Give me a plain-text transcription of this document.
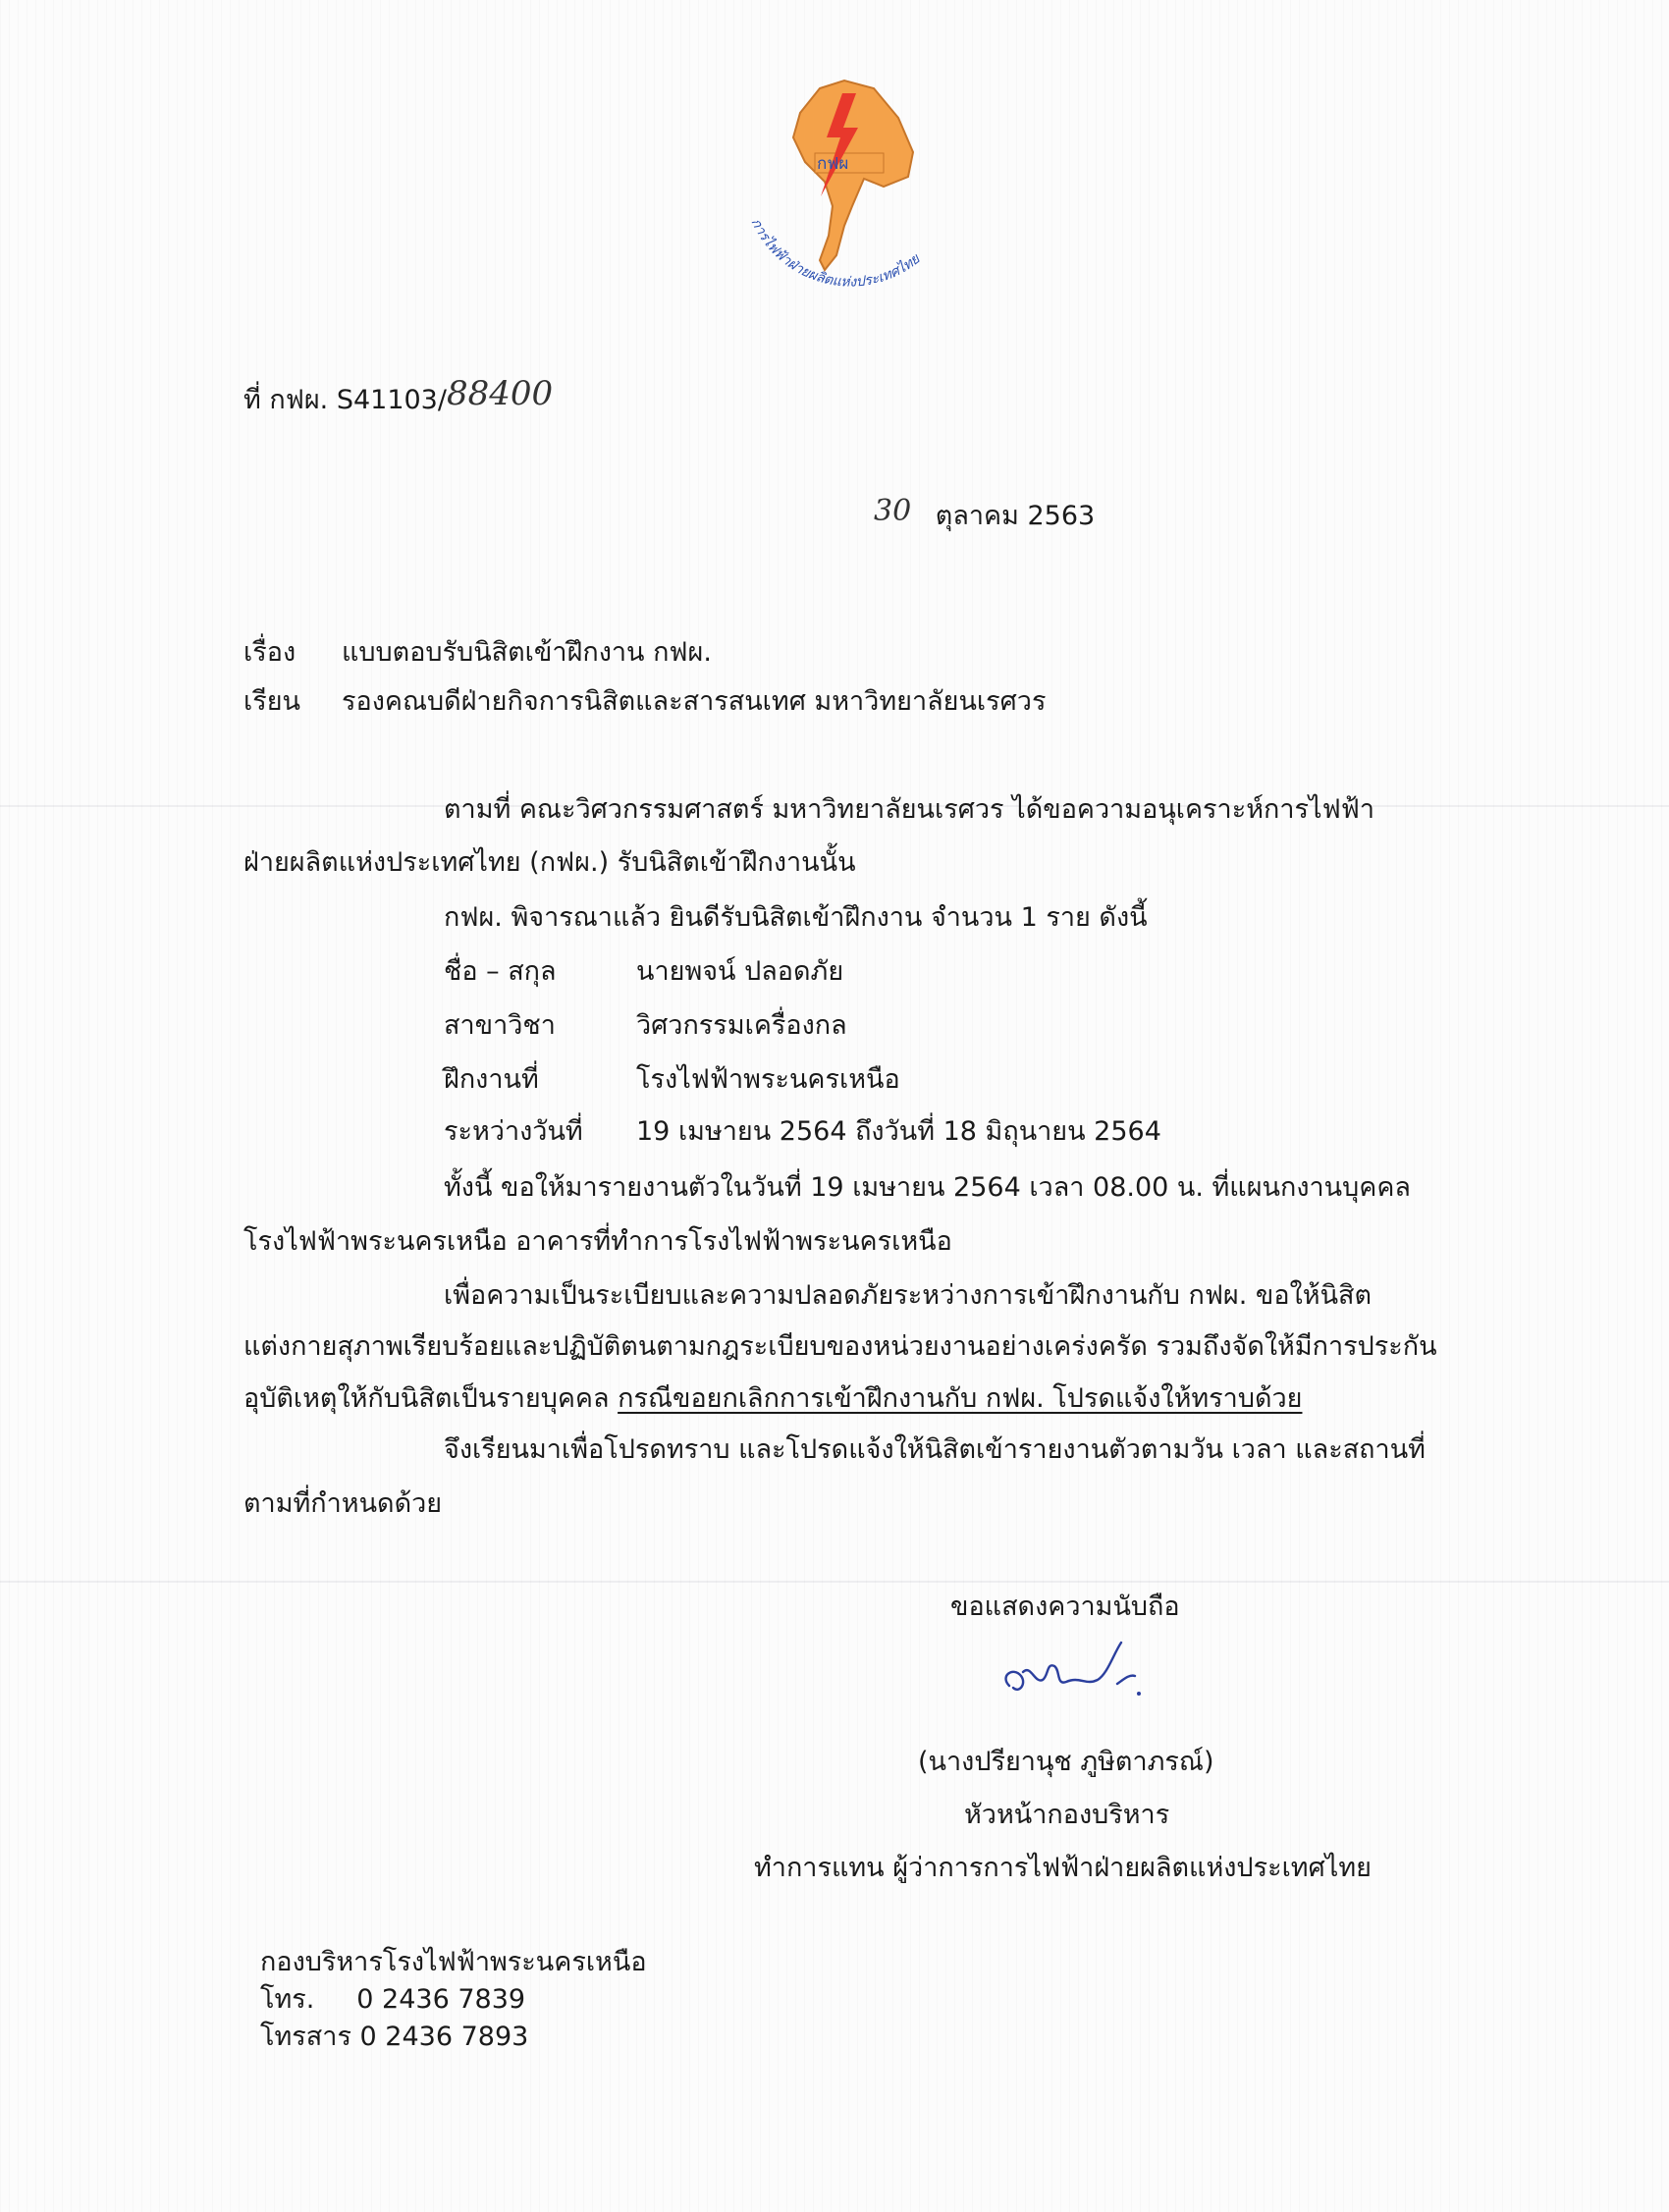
กฟผ
การไฟฟ้าฝ่ายผลิตแห่งประเทศไทย
ที่ กฟผ. S41103/88400
30 ตุลาคม 2563
เรื่อง แบบตอบรับนิสิตเข้าฝึกงาน กฟผ.
เรียน รองคณบดีฝ่ายกิจการนิสิตและสารสนเทศ มหาวิทยาลัยนเรศวร
ตามที่ คณะวิศวกรรมศาสตร์ มหาวิทยาลัยนเรศวร ได้ขอความอนุเคราะห์การไฟฟ้า
ฝ่ายผลิตแห่งประเทศไทย (กฟผ.) รับนิสิตเข้าฝึกงานนั้น
กฟผ. พิจารณาแล้ว ยินดีรับนิสิตเข้าฝึกงาน จำนวน 1 ราย ดังนี้
ชื่อ – สกุล	นายพจน์ ปลอดภัย
สาขาวิชา	วิศวกรรมเครื่องกล
ฝึกงานที่	โรงไฟฟ้าพระนครเหนือ
ระหว่างวันที่ 19 เมษายน 2564 ถึงวันที่ 18 มิถุนายน 2564
ทั้งนี้ ขอให้มารายงานตัวในวันที่ 19 เมษายน 2564 เวลา 08.00 น. ที่แผนกงานบุคคล
โรงไฟฟ้าพระนครเหนือ อาคารที่ทำการโรงไฟฟ้าพระนครเหนือ
เพื่อความเป็นระเบียบและความปลอดภัยระหว่างการเข้าฝึกงานกับ กฟผ. ขอให้นิสิต
แต่งกายสุภาพเรียบร้อยและปฏิบัติตนตามกฎระเบียบของหน่วยงานอย่างเคร่งครัด รวมถึงจัดให้มีการประกัน
อุบัติเหตุให้กับนิสิตเป็นรายบุคคล กรณีขอยกเลิกการเข้าฝึกงานกับ กฟผ. โปรดแจ้งให้ทราบด้วย
จึงเรียนมาเพื่อโปรดทราบ และโปรดแจ้งให้นิสิตเข้ารายงานตัวตามวัน เวลา และสถานที่
ตามที่กำหนดด้วย
ขอแสดงความนับถือ
(นางปรียานุช ภูษิตาภรณ์)
หัวหน้ากองบริหาร
ทำการแทน ผู้ว่าการการไฟฟ้าฝ่ายผลิตแห่งประเทศไทย
กองบริหารโรงไฟฟ้าพระนครเหนือ
โทร.     0 2436 7839
โทรสาร 0 2436 7893
